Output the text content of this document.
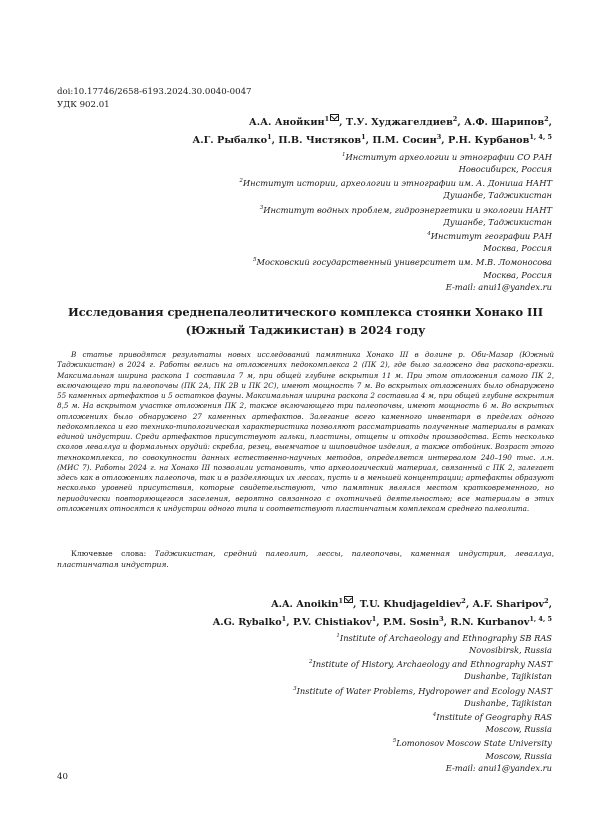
doi:10.17746/2658-6193.2024.30.0040-0047
УДК 902.01
А.А. Анойкин$^1$ , Т.У. Худжагелдиев$^2$, А.Ф. Шарипов$^2$,
А.Г. Рыбалко$^1$, П.В. Чистяков$^1$, П.М. Сосин$^3$, Р.Н. Курбанов$^{1, 4, 5}$
$^1$Институт археологии и этнографии СО РАН
Новосибирск, Россия
$^2$Институт истории, археологии и этнографии им. А. Дониша НАНТ
Душанбе, Таджикистан
$^3$Институт водных проблем, гидроэнергетики и экологии НАНТ
Душанбе, Таджикистан
$^4$Институт географии РАН
Москва, Россия
$^5$Московский государственный университет им. М.В. Ломоносова
Москва, Россия
E-mail: anui1@yandex.ru
Исследования среднепалеолитического комплекса стоянки Хонако III
(Южный Таджикистан) в 2024 году

В статье приводятся результаты новых исследований памятника Хонако III в долине р. Оби-Мазар (Южный Таджикистан) в 2024 г. Работы велись на отложениях педокомплекса 2 (ПК 2), где было заложено два раскопа-врезки. Максимальная ширина раскопа 1 составила 7 м, при общей глубине вскрытия 11 м. При этом отложения самого ПК 2, включающего три палеопочвы (ПК 2А, ПК 2В и ПК 2С), имеют мощность 7 м. Во вскрытых отложениях было обнаружено 55 каменных артефактов и 5 остатков фауны. Максимальная ширина раскопа 2 составила 4 м, при общей глубине вскрытия 8,5 м. На вскрытом участке отложения ПК 2, также включающего три палеопочвы, имеют мощность 6 м. Во вскрытых отложениях было обнаружено 27 каменных артефактов. Залегание всего каменного инвентаря в пределах одного педокомплекса и его технико-типологическая характеристика позволяют рассматривать полученные материалы в рамках единой индустрии. Среди артефактов присутствуют гальки, пластины, отщепы и отходы производства. Есть несколько сколов леваллуа и формальных орудий: скребла, резец, выемчатое и шиповидное изделия, а также отбойник. Возраст этого технокомплекса, по совокупности данных естественно-научных методов, определяется интервалом 240–190 тыс. л.н. (МИС 7). Работы 2024 г. на Хонако III позволили установить, что археологический материал, связанный с ПК 2, залегает здесь как в отложениях палеопочв, так и в разделяющих их лессах, пусть и в меньшей концентрации; артефакты образуют несколько уровней присутствия, которые свидетельствуют, что памятник являлся местом кратковременного, но периодически повторяющегося заселения, вероятно связанного с охотничьей деятельностью; все материалы в этих отложениях относятся к индустрии одного типа и соответствуют пластинчатым комплексам среднего палеолита.

Ключевые слова: Таджикистан, средний палеолит, лессы, палеопочвы, каменная индустрия, леваллуа, пластинчатая индустрия.

A.A. Anoikin$^1$ , T.U. Khudjageldiev$^2$, A.F. Sharipov$^2$,
A.G. Rybalko$^1$, P.V. Chistiakov$^1$, P.M. Sosin$^3$, R.N. Kurbanov$^{1, 4, 5}$
$^1$Institute of Archaeology and Ethnography SB RAS
Novosibirsk, Russia
$^2$Institute of History, Archaeology and Ethnography NAST
Dushanbe, Tajikistan
$^3$Institute of Water Problems, Hydropower and Ecology NAST
Dushanbe, Tajikistan
$^4$Institute of Geography RAS
Moscow, Russia
$^5$Lomonosov Moscow State University
Moscow, Russia
E-mail: anui1@yandex.ru
40
